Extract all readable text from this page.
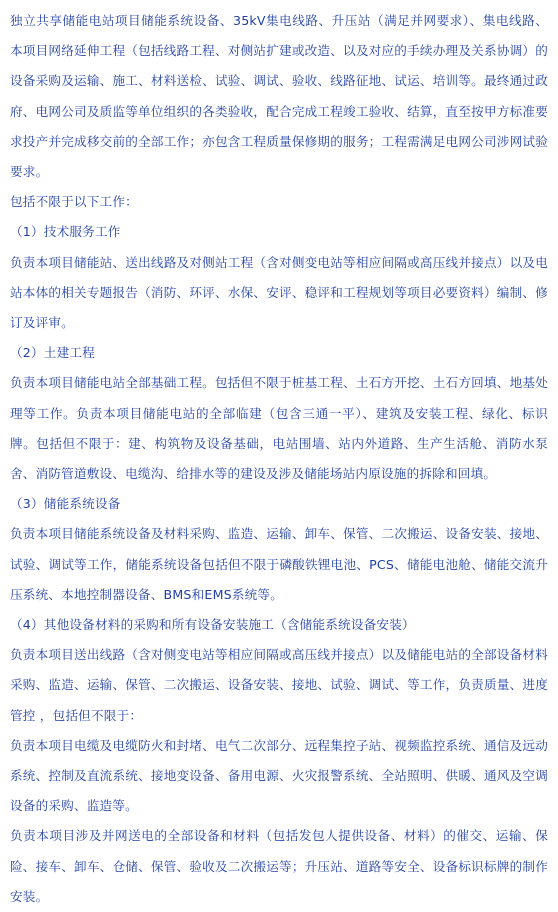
独立共享储能电站项目储能系统设备、35kV集电线路、升压站（满足并网要求）、集电线路、本项目网络延伸工程（包括线路工程、对侧站扩建或改造、以及对应的手续办理及关系协调）的设备采购及运输、施工、材料送检、试验、调试、验收、线路征地、试运、培训等。最终通过政府、电网公司及质监等单位组织的各类验收，配合完成工程竣工验收、结算，直至按甲方标准要求投产并完成移交前的全部工作；亦包含工程质量保修期的服务；工程需满足电网公司涉网试验要求。

包括不限于以下工作：

（1）技术服务工作

负责本项目储能站、送出线路及对侧站工程（含对侧变电站等相应间隔或高压线并接点）以及电站本体的相关专题报告（消防、环评、水保、安评、稳评和工程规划等项目必要资料）编制、修订及评审。

（2）土建工程

负责本项目储能电站全部基础工程。包括但不限于桩基工程、土石方开挖、土石方回填、地基处理等工作。负责本项目储能电站的全部临建（包含三通一平）、建筑及安装工程、绿化、标识牌。包括但不限于：建、构筑物及设备基础，电站围墙、站内外道路、生产生活舱、消防水泵舍、消防管道敷设、电缆沟、给排水等的建设及涉及储能场站内原设施的拆除和回填。

（3）储能系统设备

负责本项目储能系统设备及材料采购、监造、运输、卸车、保管、二次搬运、设备安装、接地、试验、调试等工作，储能系统设备包括但不限于磷酸铁锂电池、PCS、储能电池舱、储能交流升压系统、本地控制器设备、BMS和EMS系统等。

（4）其他设备材料的采购和所有设备安装施工（含储能系统设备安装）

负责本项目送出线路（含对侧变电站等相应间隔或高压线并接点）以及储能电站的全部设备材料采购、监造、运输、保管、二次搬运、设备安装、接地、试验、调试、等工作，负责质量、进度管控 ，包括但不限于：

负责本项目电缆及电缆防火和封堵、电气二次部分、远程集控子站、视频监控系统、通信及远动系统、控制及直流系统、接地变设备、备用电源、火灾报警系统、全站照明、供暖、通风及空调设备的采购、监造等。

负责本项目涉及并网送电的全部设备和材料（包括发包人提供设备、材料）的催交、运输、保险、接车、卸车、仓储、保管、验收及二次搬运等；升压站、道路等安全、设备标识标牌的制作安装。
